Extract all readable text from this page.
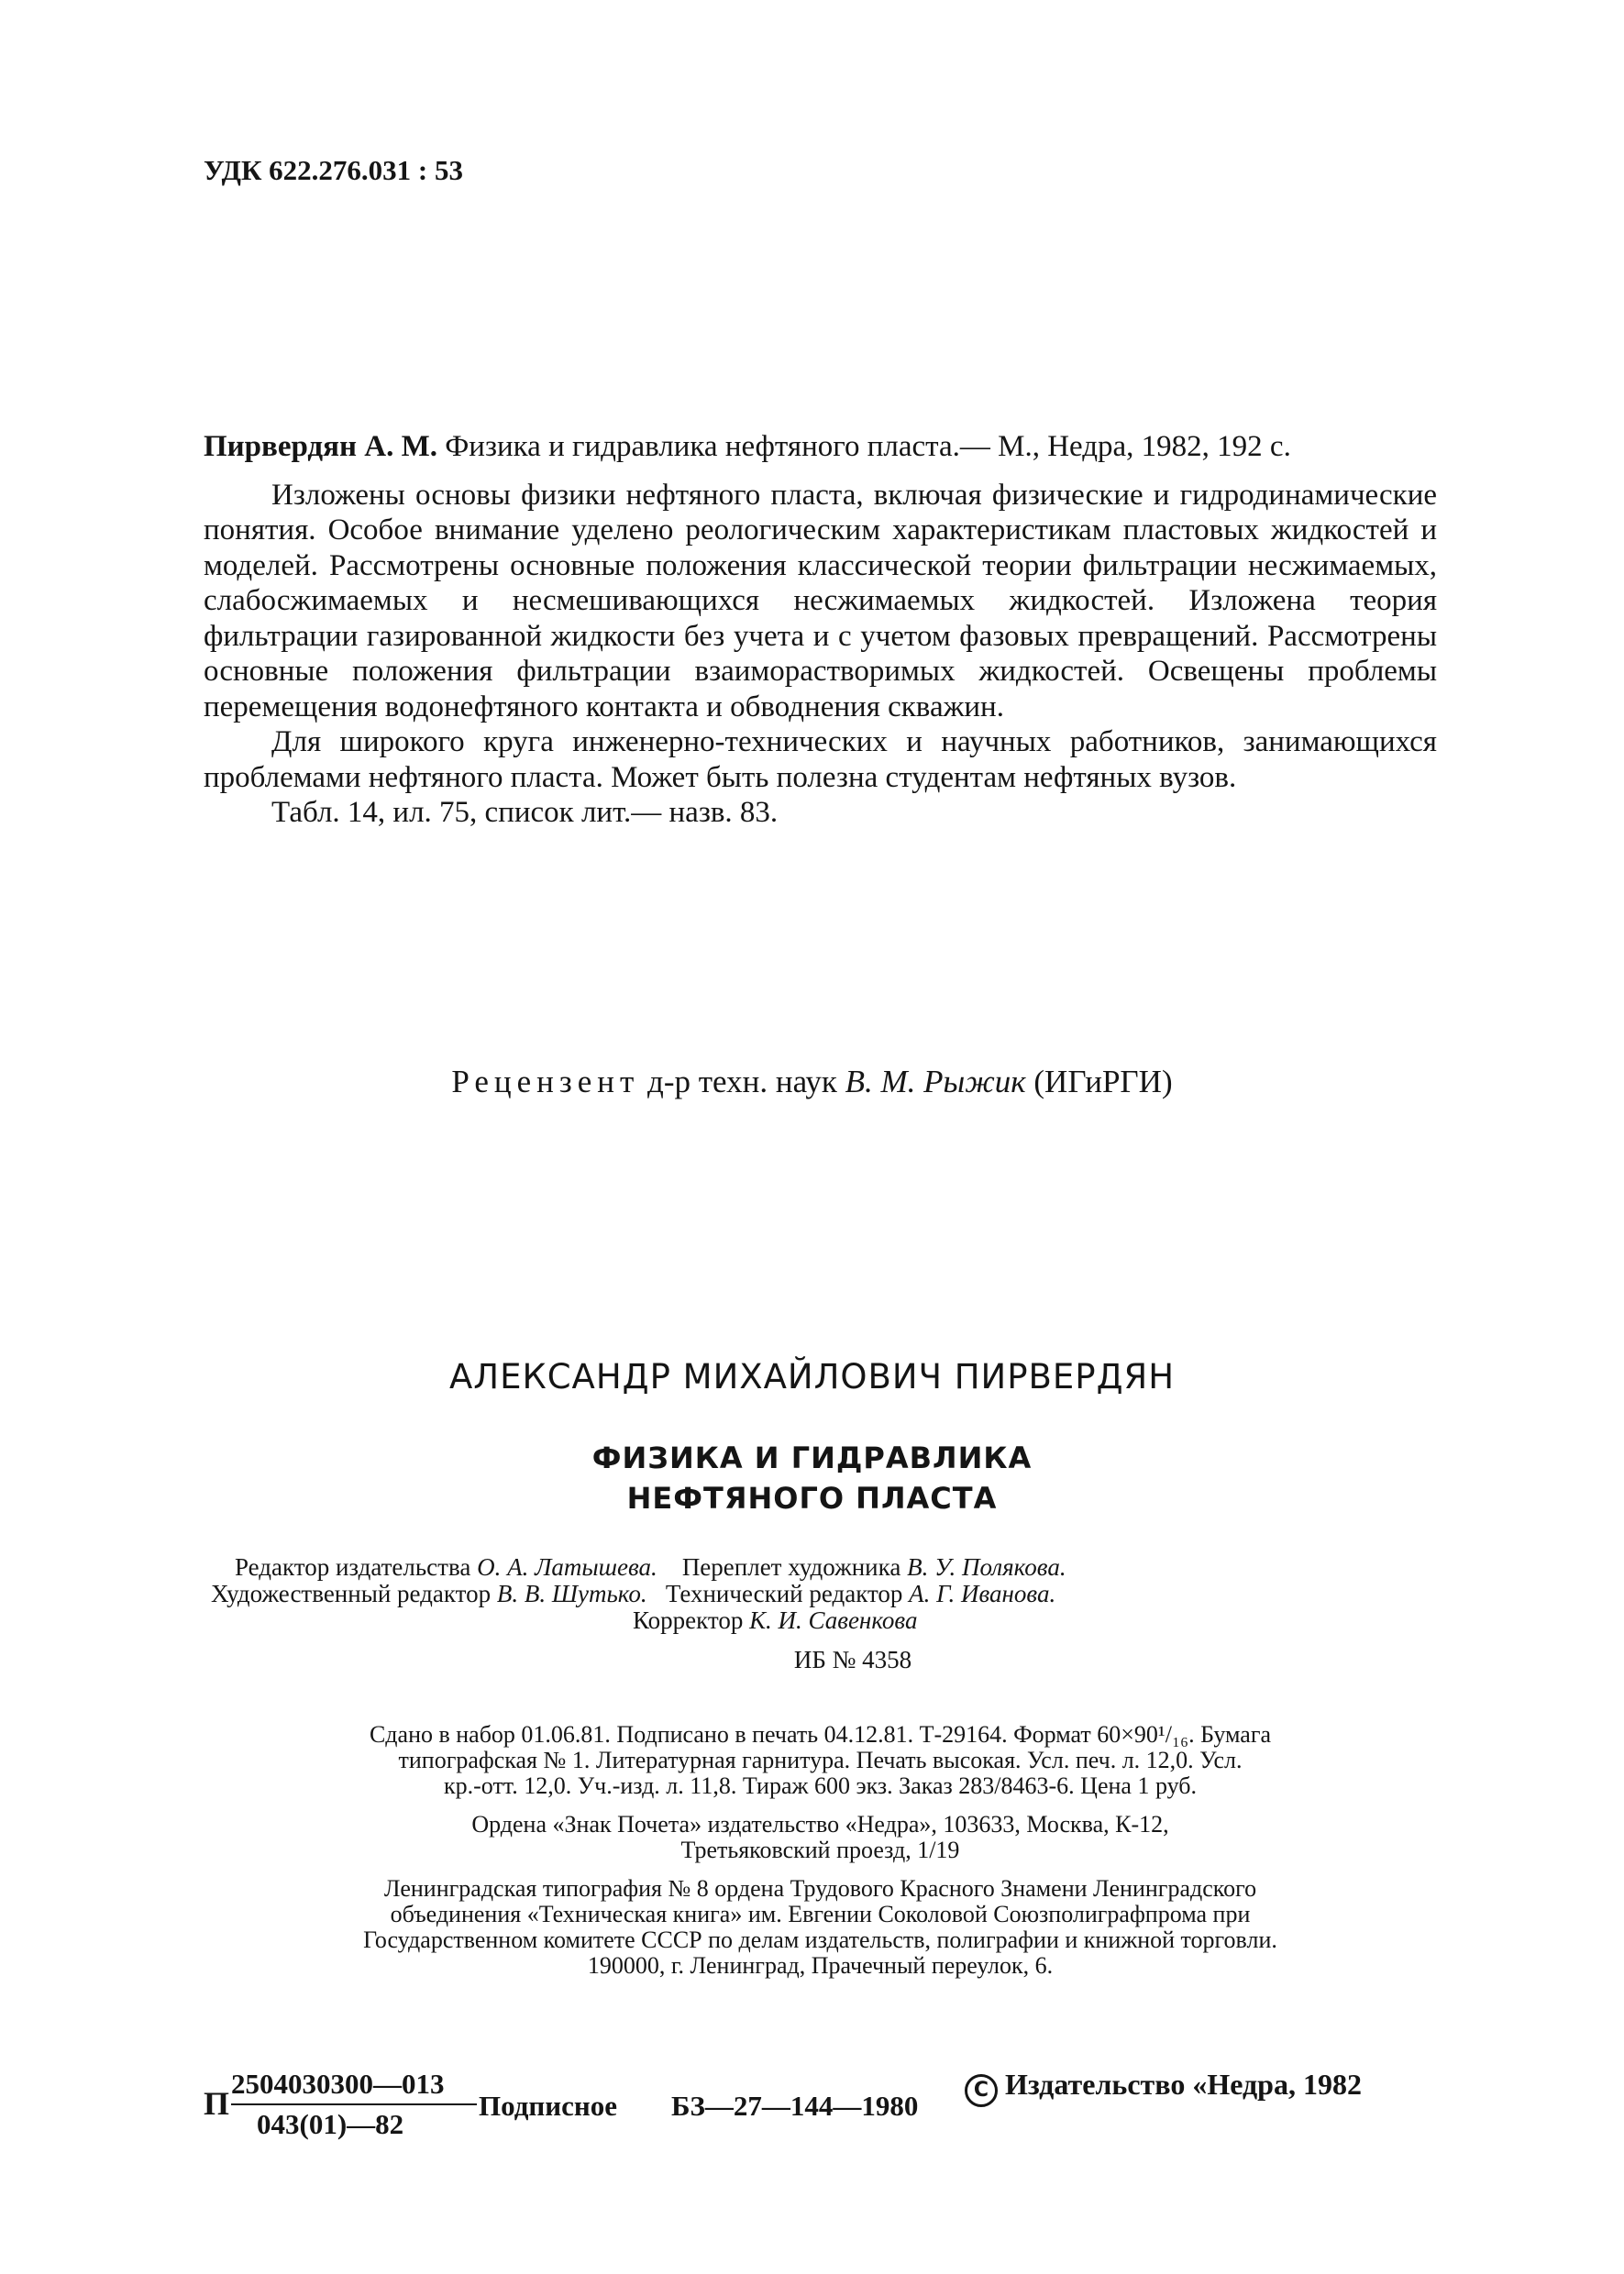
УДК 622.276.031 : 53

Пирвердян А. М. Физика и гидравлика нефтяного пласта.— М., Недра, 1982, 192 с.

Изложены основы физики нефтяного пласта, включая физические и гидродинамические понятия. Особое внимание уделено реологическим характеристикам пластовых жидкостей и моделей. Рассмотрены основные положения классической теории фильтрации несжимаемых, слабосжимаемых и несмешивающихся несжимаемых жидкостей. Изложена теория фильтрации газированной жидкости без учета и с учетом фазовых превращений. Рассмотрены основные положения фильтрации взаиморастворимых жидкостей. Освещены проблемы перемещения водонефтяного контакта и обводнения скважин.

Для широкого круга инженерно-технических и научных работников, занимающихся проблемами нефтяного пласта. Может быть полезна студентам нефтяных вузов.

Табл. 14, ил. 75, список лит.— назв. 83.

Рецензент д-р техн. наук В. М. Рыжик (ИГиРГИ)
АЛЕКСАНДР МИХАЙЛОВИЧ ПИРВЕРДЯН
ФИЗИКА И ГИДРАВЛИКА
НЕФТЯНОГО ПЛАСТА
Редактор издательства О. А. Латышева. Переплет художника В. У. Полякова.
Художественный редактор В. В. Шутько. Технический редактор А. Г. Иванова.
Корректор К. И. Савенкова
ИБ № 4358
Сдано в набор 01.06.81. Подписано в печать 04.12.81. Т-29164. Формат 60×90¹/₁₆. Бумага
типографская № 1. Литературная гарнитура. Печать высокая. Усл. печ. л. 12,0. Усл.
кр.-отт. 12,0. Уч.-изд. л. 11,8. Тираж 600 экз. Заказ 283/8463-6. Цена 1 руб.
Ордена «Знак Почета» издательство «Недра», 103633, Москва, К-12,
Третьяковский проезд, 1/19
Ленинградская типография № 8 ордена Трудового Красного Знамени Ленинградского
объединения «Техническая книга» им. Евгении Соколовой Союзполиграфпрома при
Государственном комитете СССР по делам издательств, полиграфии и книжной торговли.
190000, г. Ленинград, Прачечный переулок, 6.
П
2504030300—013
043(01)—82
Подписное БЗ—27—144—1980	C Издательство «Недра, 1982
